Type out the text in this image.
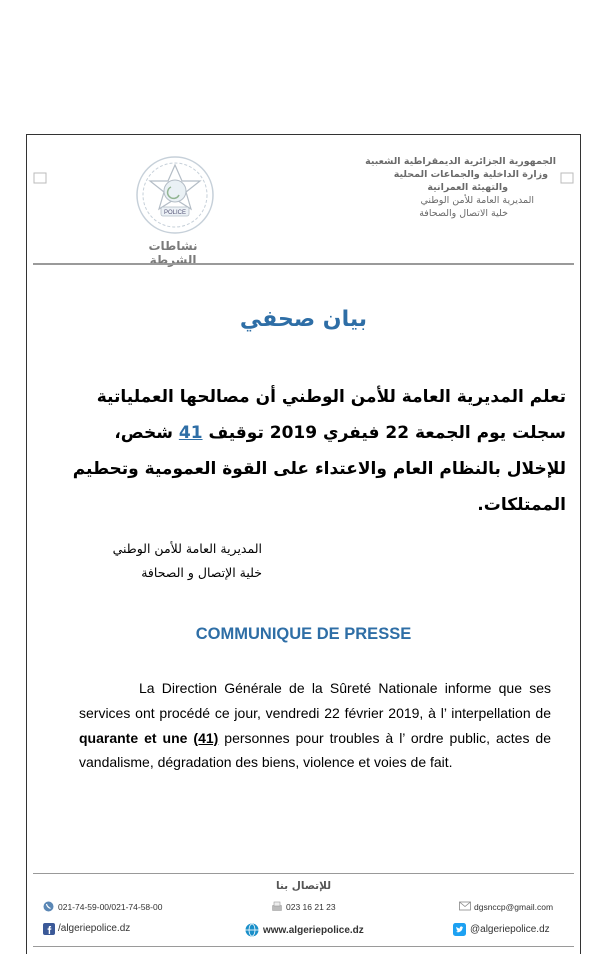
الجمهورية الجزائرية الديمقراطية الشعبية
وزارة الداخلية والجماعات المحلية
والتهيئة العمرانية
المديرية العامة للأمن الوطني
خلية الاتصال والصحافة
POLICE
نشاطات الشرطة
بيان صحفي
تعلم المديرية العامة للأمن الوطني أن مصالحها العملياتية سجلت يوم الجمعة 22 فيفري 2019 توقيف 41 شخص، للإخلال بالنظام العام والاعتداء على القوة العمومية وتحطيم الممتلكات.
المديرية العامة للأمن الوطني
خلية الإتصال و الصحافة
COMMUNIQUE DE PRESSE

La Direction Générale de la Sûreté Nationale informe que ses services ont procédé ce jour, vendredi 22 février 2019, à l’ interpellation de quarante et une (41) personnes pour troubles à l’ ordre public, actes de vandalisme, dégradation des biens, violence et voies de fait.

للإتصال بنا
021-74-59-00/021-74-58-00	023 16 21 23	dgsnccp@gmail.com
/algeriepolice.dz	www.algeriepolice.dz	@algeriepolice.dz
